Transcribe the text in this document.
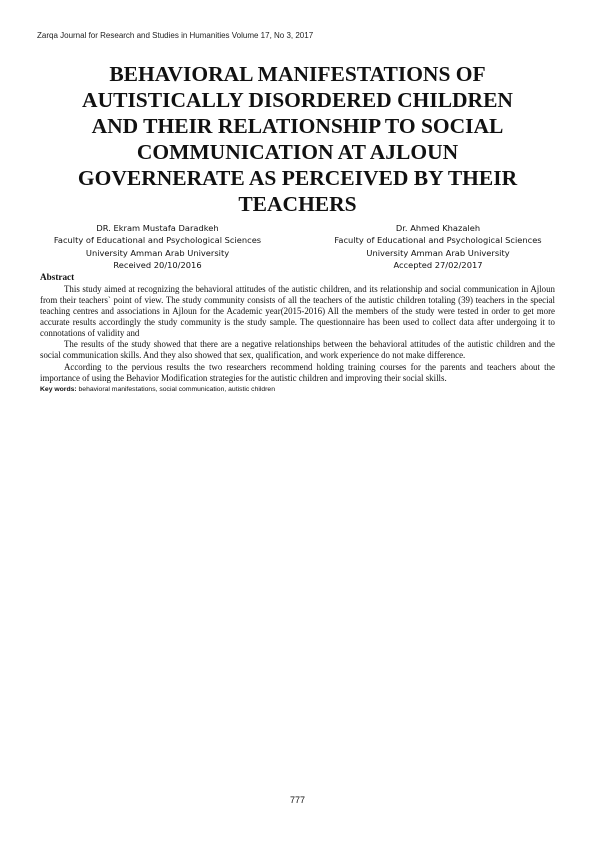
Zarqa Journal for Research and Studies in Humanities Volume 17, No 3, 2017
BEHAVIORAL MANIFESTATIONS OF
AUTISTICALLY DISORDERED CHILDREN
AND THEIR RELATIONSHIP TO SOCIAL
COMMUNICATION AT AJLOUN
GOVERNERATE AS PERCEIVED BY THEIR
TEACHERS
DR. Ekram Mustafa Daradkeh
Faculty of Educational and Psychological Sciences
University Amman Arab University
Received 20/10/2016
Dr. Ahmed Khazaleh
Faculty of Educational and Psychological Sciences
University Amman Arab University
Accepted 27/02/2017
Abstract

This study aimed at recognizing the behavioral attitudes of the autistic children, and its relationship and social communication in Ajloun from their teachers` point of view. The study community consists of all the teachers of the autistic children totaling (39) teachers in the special teaching centres and associations in Ajloun for the Academic year(2015-2016) All the members of the study were tested in order to get more accurate results accordingly the study community is the study sample. The questionnaire has been used to collect data after undergoing it to connotations of validity and

The results of the study showed that there are a negative relationships between the behavioral attitudes of the autistic children and the social communication skills. And they also showed that sex, qualification, and work experience do not make difference.

According to the pervious results the two researchers recommend holding training courses for the parents and teachers about the importance of using the Behavior Modification strategies for the autistic children and improving their social skills.

Key words: behavioral manifestations, social communication, autistic children
777
